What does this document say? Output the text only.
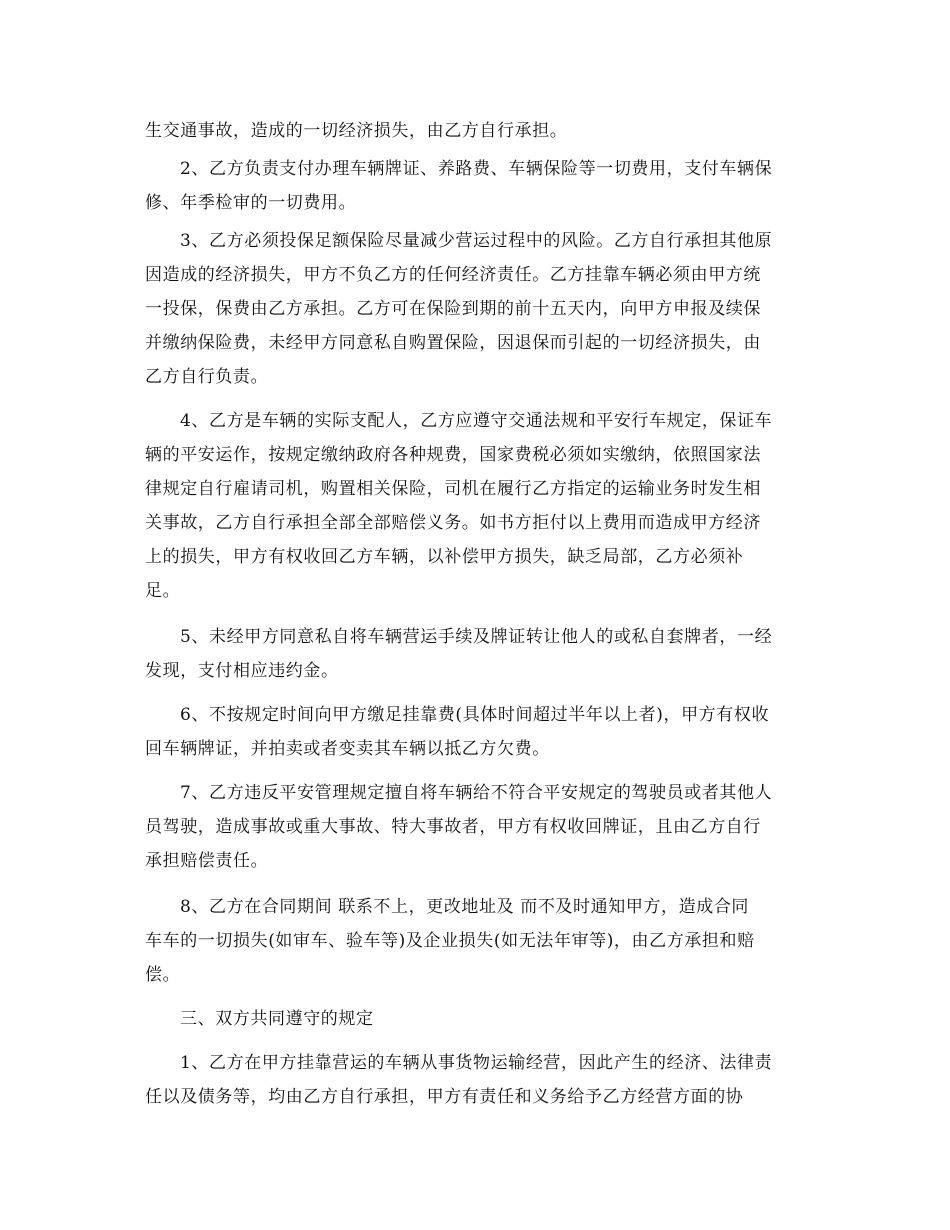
生交通事故，造成的一切经济损失，由乙方自行承担。
2、乙方负责支付办理车辆牌证、养路费、车辆保险等一切费用，支付车辆保
修、年季检审的一切费用。
3、乙方必须投保足额保险尽量减少营运过程中的风险。乙方自行承担其他原
因造成的经济损失，甲方不负乙方的任何经济责任。乙方挂靠车辆必须由甲方统
一投保，保费由乙方承担。乙方可在保险到期的前十五天内，向甲方申报及续保
并缴纳保险费，未经甲方同意私自购置保险，因退保而引起的一切经济损失，由
乙方自行负责。
4、乙方是车辆的实际支配人，乙方应遵守交通法规和平安行车规定，保证车
辆的平安运作，按规定缴纳政府各种规费，国家费税必须如实缴纳，依照国家法
律规定自行雇请司机，购置相关保险，司机在履行乙方指定的运输业务时发生相
关事故，乙方自行承担全部全部赔偿义务。如书方拒付以上费用而造成甲方经济
上的损失，甲方有权收回乙方车辆，以补偿甲方损失，缺乏局部，乙方必须补
足。
5、未经甲方同意私自将车辆营运手续及牌证转让他人的或私自套牌者，一经
发现，支付相应违约金。
6、不按规定时间向甲方缴足挂靠费(具体时间超过半年以上者)，甲方有权收
回车辆牌证，并拍卖或者变卖其车辆以抵乙方欠费。
7、乙方违反平安管理规定擅自将车辆给不符合平安规定的驾驶员或者其他人
员驾驶，造成事故或重大事故、特大事故者，甲方有权收回牌证，且由乙方自行
承担赔偿责任。
8、乙方在合同期间 联系不上，更改地址及 而不及时通知甲方，造成合同
车车的一切损失(如审车、验车等)及企业损失(如无法年审等)，由乙方承担和赔
偿。
三、双方共同遵守的规定
1、乙方在甲方挂靠营运的车辆从事货物运输经营，因此产生的经济、法律责
任以及债务等，均由乙方自行承担，甲方有责任和义务给予乙方经营方面的协
